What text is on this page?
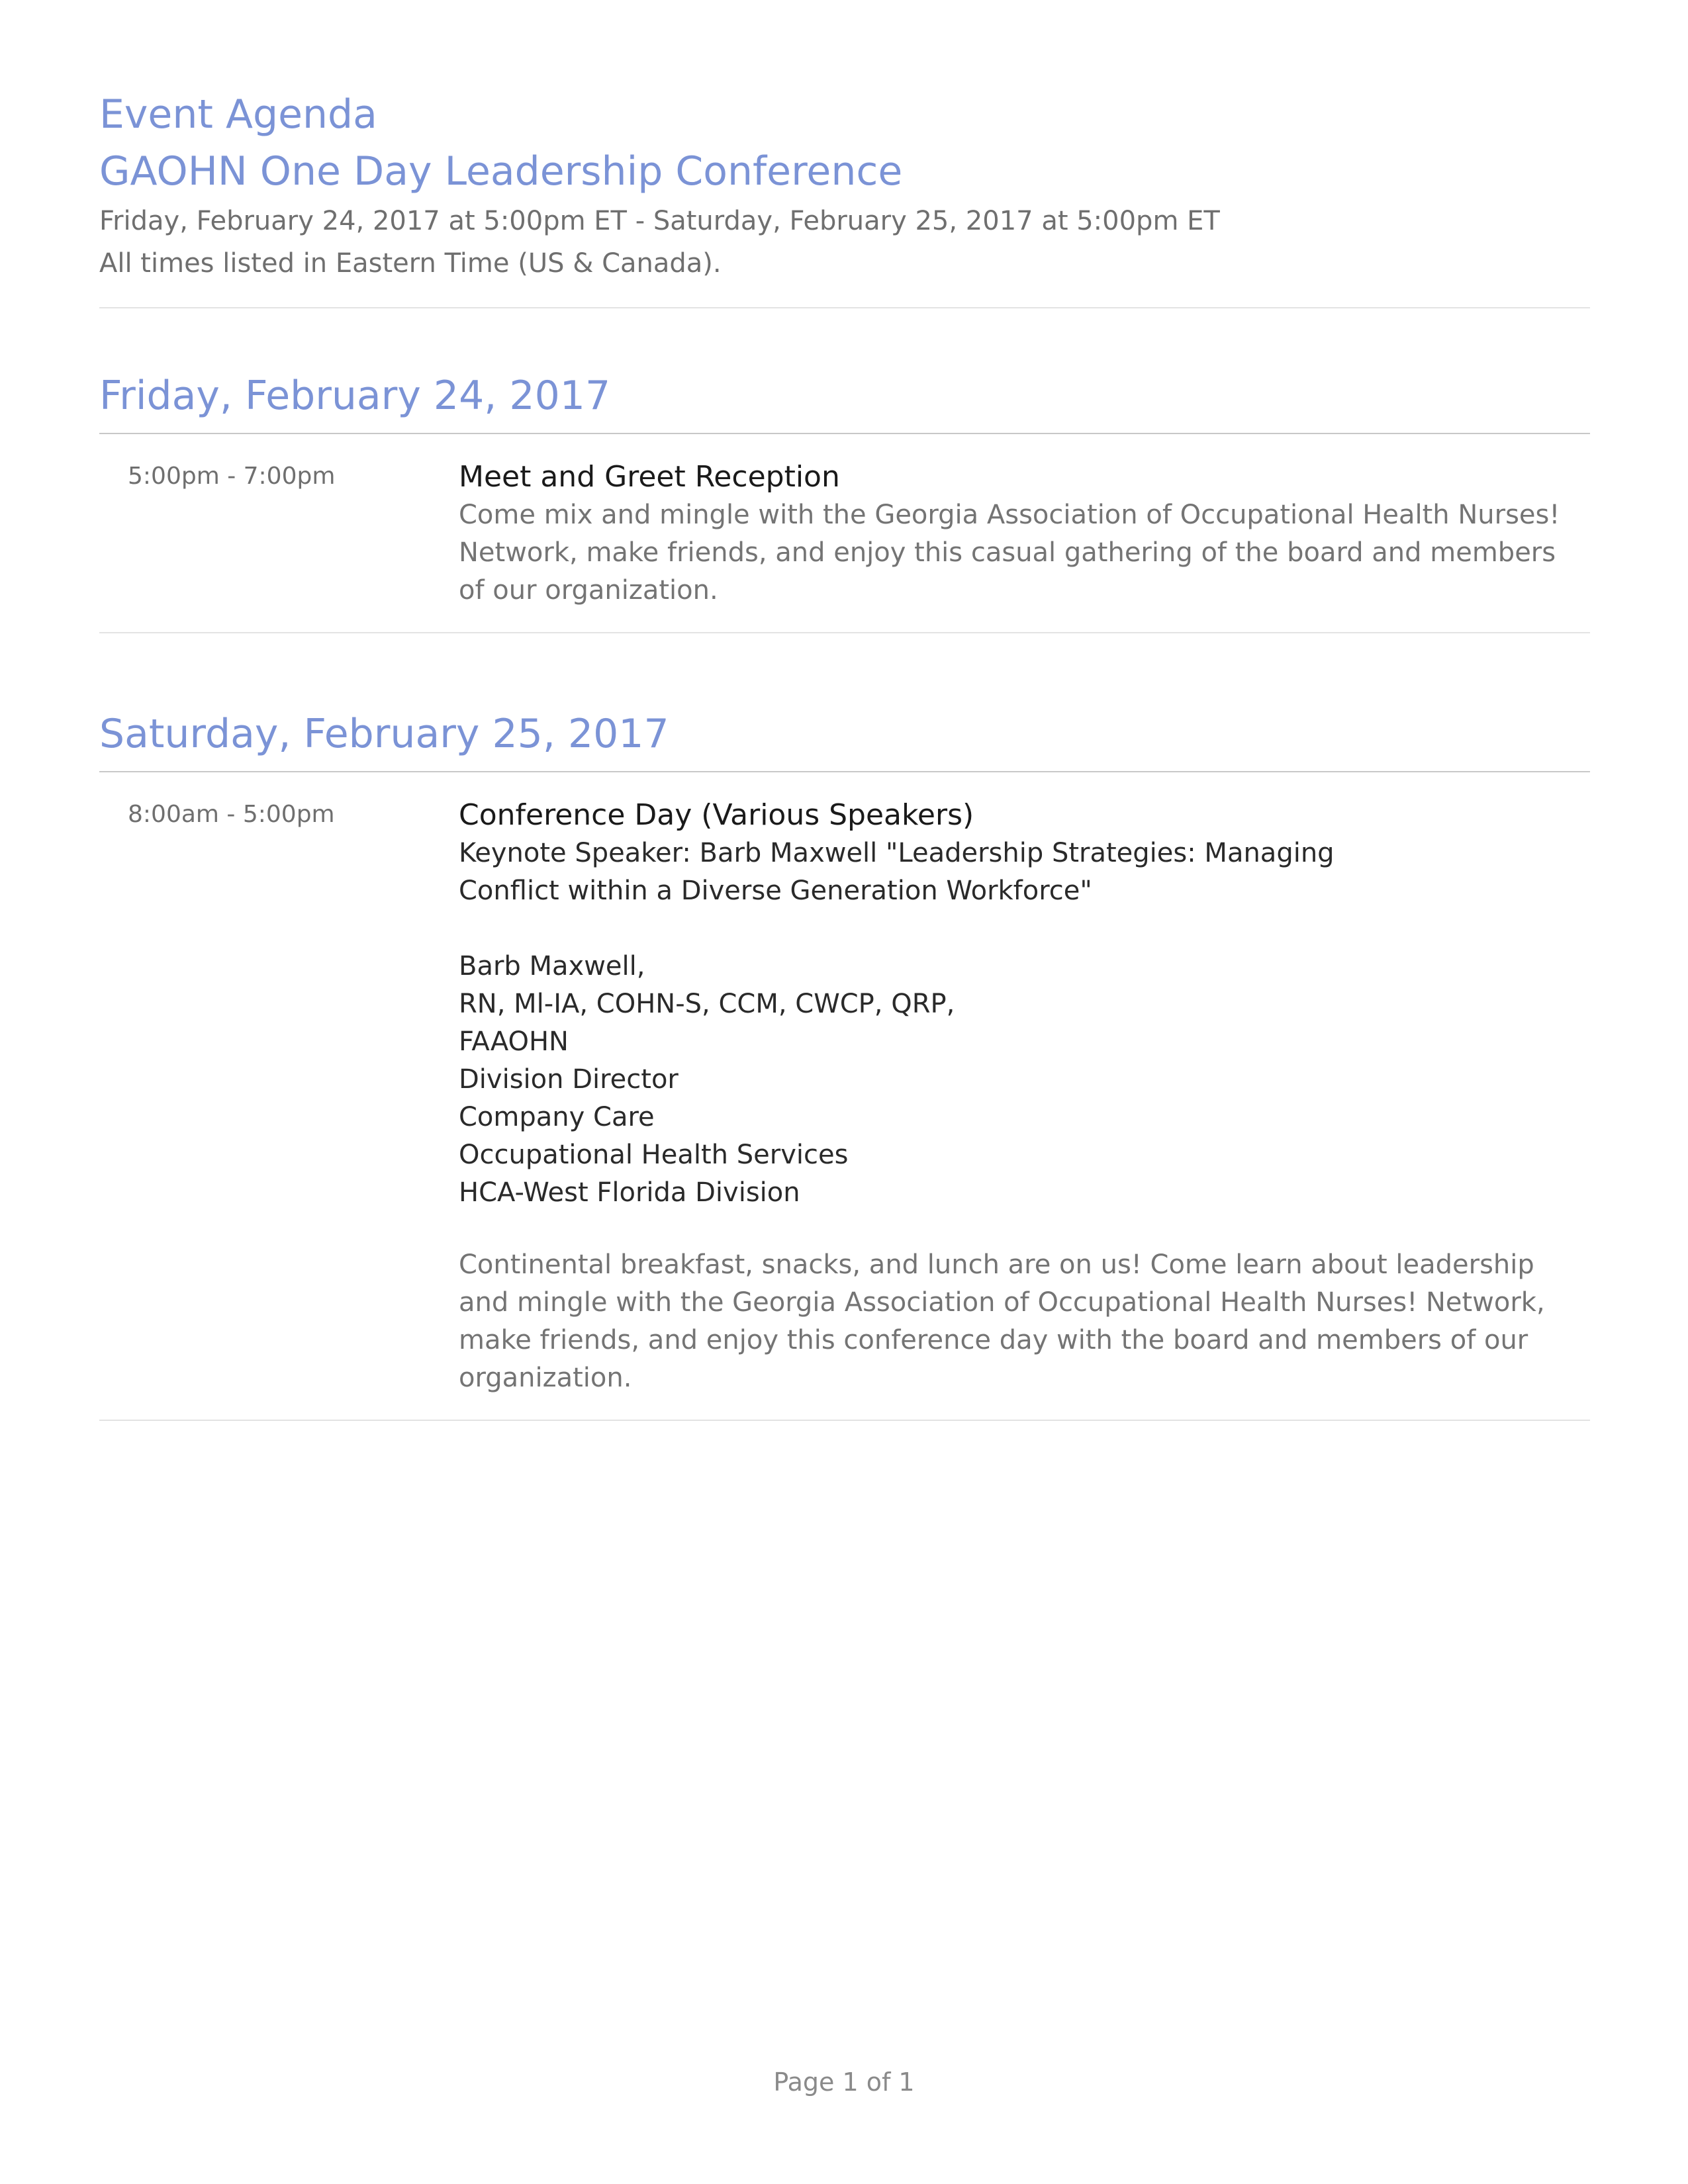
Event Agenda
GAOHN One Day Leadership Conference

Friday, February 24, 2017 at 5:00pm ET - Saturday, February 25, 2017 at 5:00pm ET

All times listed in Eastern Time (US & Canada).

Friday, February 24, 2017
5:00pm - 7:00pm	Meet and Greet Reception

Come mix and mingle with the Georgia Association of Occupational Health Nurses! Network, make friends, and enjoy this casual gathering of the board and members of our organization.

Saturday, February 25, 2017
8:00am - 5:00pm	Conference Day (Various Speakers)

Keynote Speaker: Barb Maxwell "Leadership Strategies: Managing

Conflict within a Diverse Generation Workforce"

Barb Maxwell,

RN, Ml-IA, COHN-S, CCM, CWCP, QRP,

FAAOHN

Division Director

Company Care

Occupational Health Services

HCA-West Florida Division

Continental breakfast, snacks, and lunch are on us! Come learn about leadership and mingle with the Georgia Association of Occupational Health Nurses! Network, make friends, and enjoy this conference day with the board and members of our organization.

Page 1 of 1
